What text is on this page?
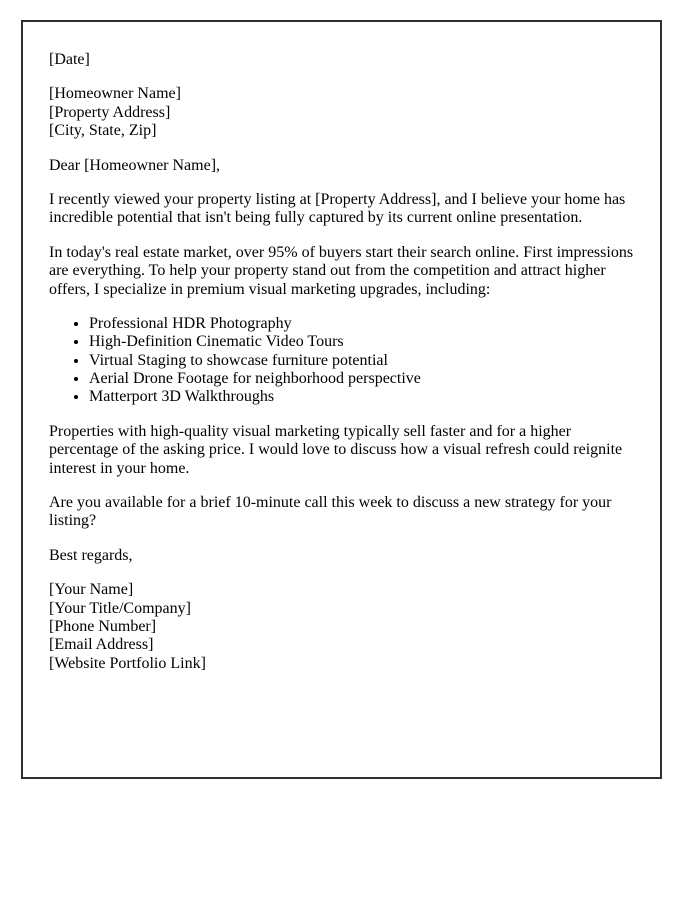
[Date]

[Homeowner Name]
[Property Address]
[City, State, Zip]

Dear [Homeowner Name],

I recently viewed your property listing at [Property Address], and I believe your home has incredible potential that isn't being fully captured by its current online presentation.

In today's real estate market, over 95% of buyers start their search online. First impressions are everything. To help your property stand out from the competition and attract higher offers, I specialize in premium visual marketing upgrades, including:

• Professional HDR Photography
• High-Definition Cinematic Video Tours
• Virtual Staging to showcase furniture potential
• Aerial Drone Footage for neighborhood perspective
• Matterport 3D Walkthroughs

Properties with high-quality visual marketing typically sell faster and for a higher percentage of the asking price. I would love to discuss how a visual refresh could reignite interest in your home.

Are you available for a brief 10-minute call this week to discuss a new strategy for your listing?

Best regards,

[Your Name]
[Your Title/Company]
[Phone Number]
[Email Address]
[Website Portfolio Link]
